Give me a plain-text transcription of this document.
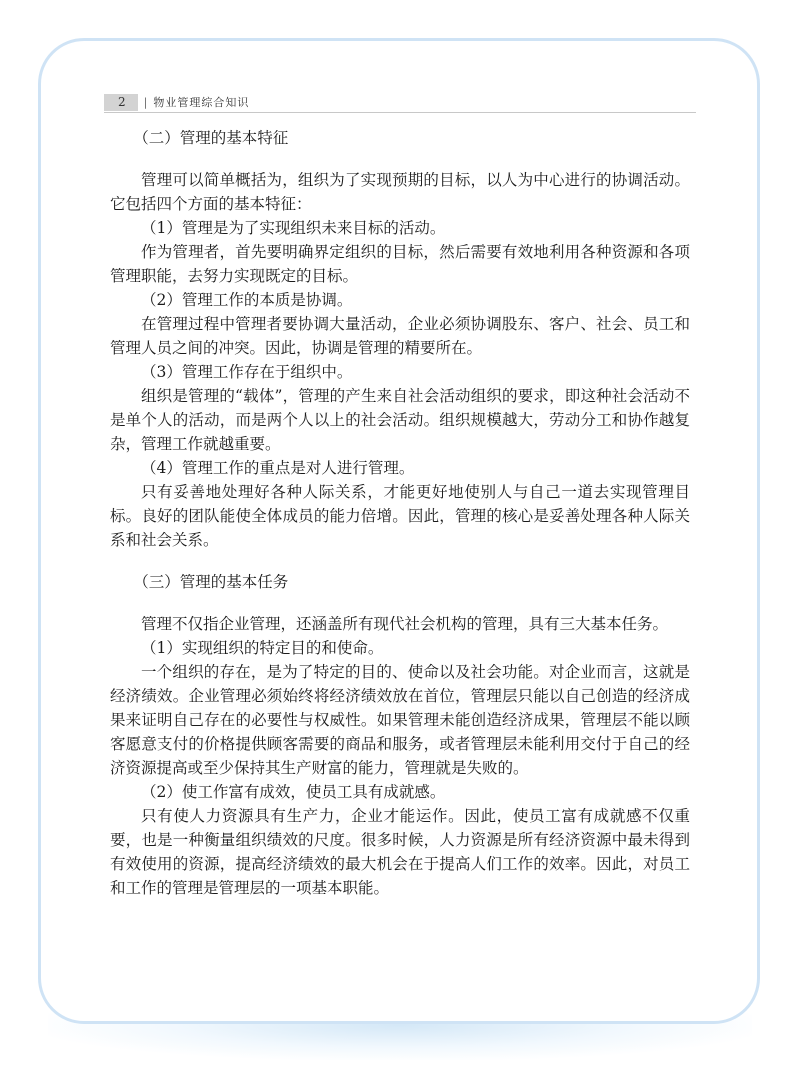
2	| 物业管理综合知识
（二）管理的基本特征

管理可以简单概括为，组织为了实现预期的目标，以人为中心进行的协调活动。它包括四个方面的基本特征：

（1）管理是为了实现组织未来目标的活动。

作为管理者，首先要明确界定组织的目标，然后需要有效地利用各种资源和各项管理职能，去努力实现既定的目标。

（2）管理工作的本质是协调。

在管理过程中管理者要协调大量活动，企业必须协调股东、客户、社会、员工和管理人员之间的冲突。因此，协调是管理的精要所在。

（3）管理工作存在于组织中。

组织是管理的“载体”，管理的产生来自社会活动组织的要求，即这种社会活动不是单个人的活动，而是两个人以上的社会活动。组织规模越大，劳动分工和协作越复杂，管理工作就越重要。

（4）管理工作的重点是对人进行管理。

只有妥善地处理好各种人际关系，才能更好地使别人与自己一道去实现管理目标。良好的团队能使全体成员的能力倍增。因此，管理的核心是妥善处理各种人际关系和社会关系。

（三）管理的基本任务

管理不仅指企业管理，还涵盖所有现代社会机构的管理，具有三大基本任务。

（1）实现组织的特定目的和使命。

一个组织的存在，是为了特定的目的、使命以及社会功能。对企业而言，这就是经济绩效。企业管理必须始终将经济绩效放在首位，管理层只能以自己创造的经济成果来证明自己存在的必要性与权威性。如果管理未能创造经济成果，管理层不能以顾客愿意支付的价格提供顾客需要的商品和服务，或者管理层未能利用交付于自己的经济资源提高或至少保持其生产财富的能力，管理就是失败的。

（2）使工作富有成效，使员工具有成就感。

只有使人力资源具有生产力，企业才能运作。因此，使员工富有成就感不仅重要，也是一种衡量组织绩效的尺度。很多时候，人力资源是所有经济资源中最未得到有效使用的资源，提高经济绩效的最大机会在于提高人们工作的效率。因此，对员工和工作的管理是管理层的一项基本职能。
